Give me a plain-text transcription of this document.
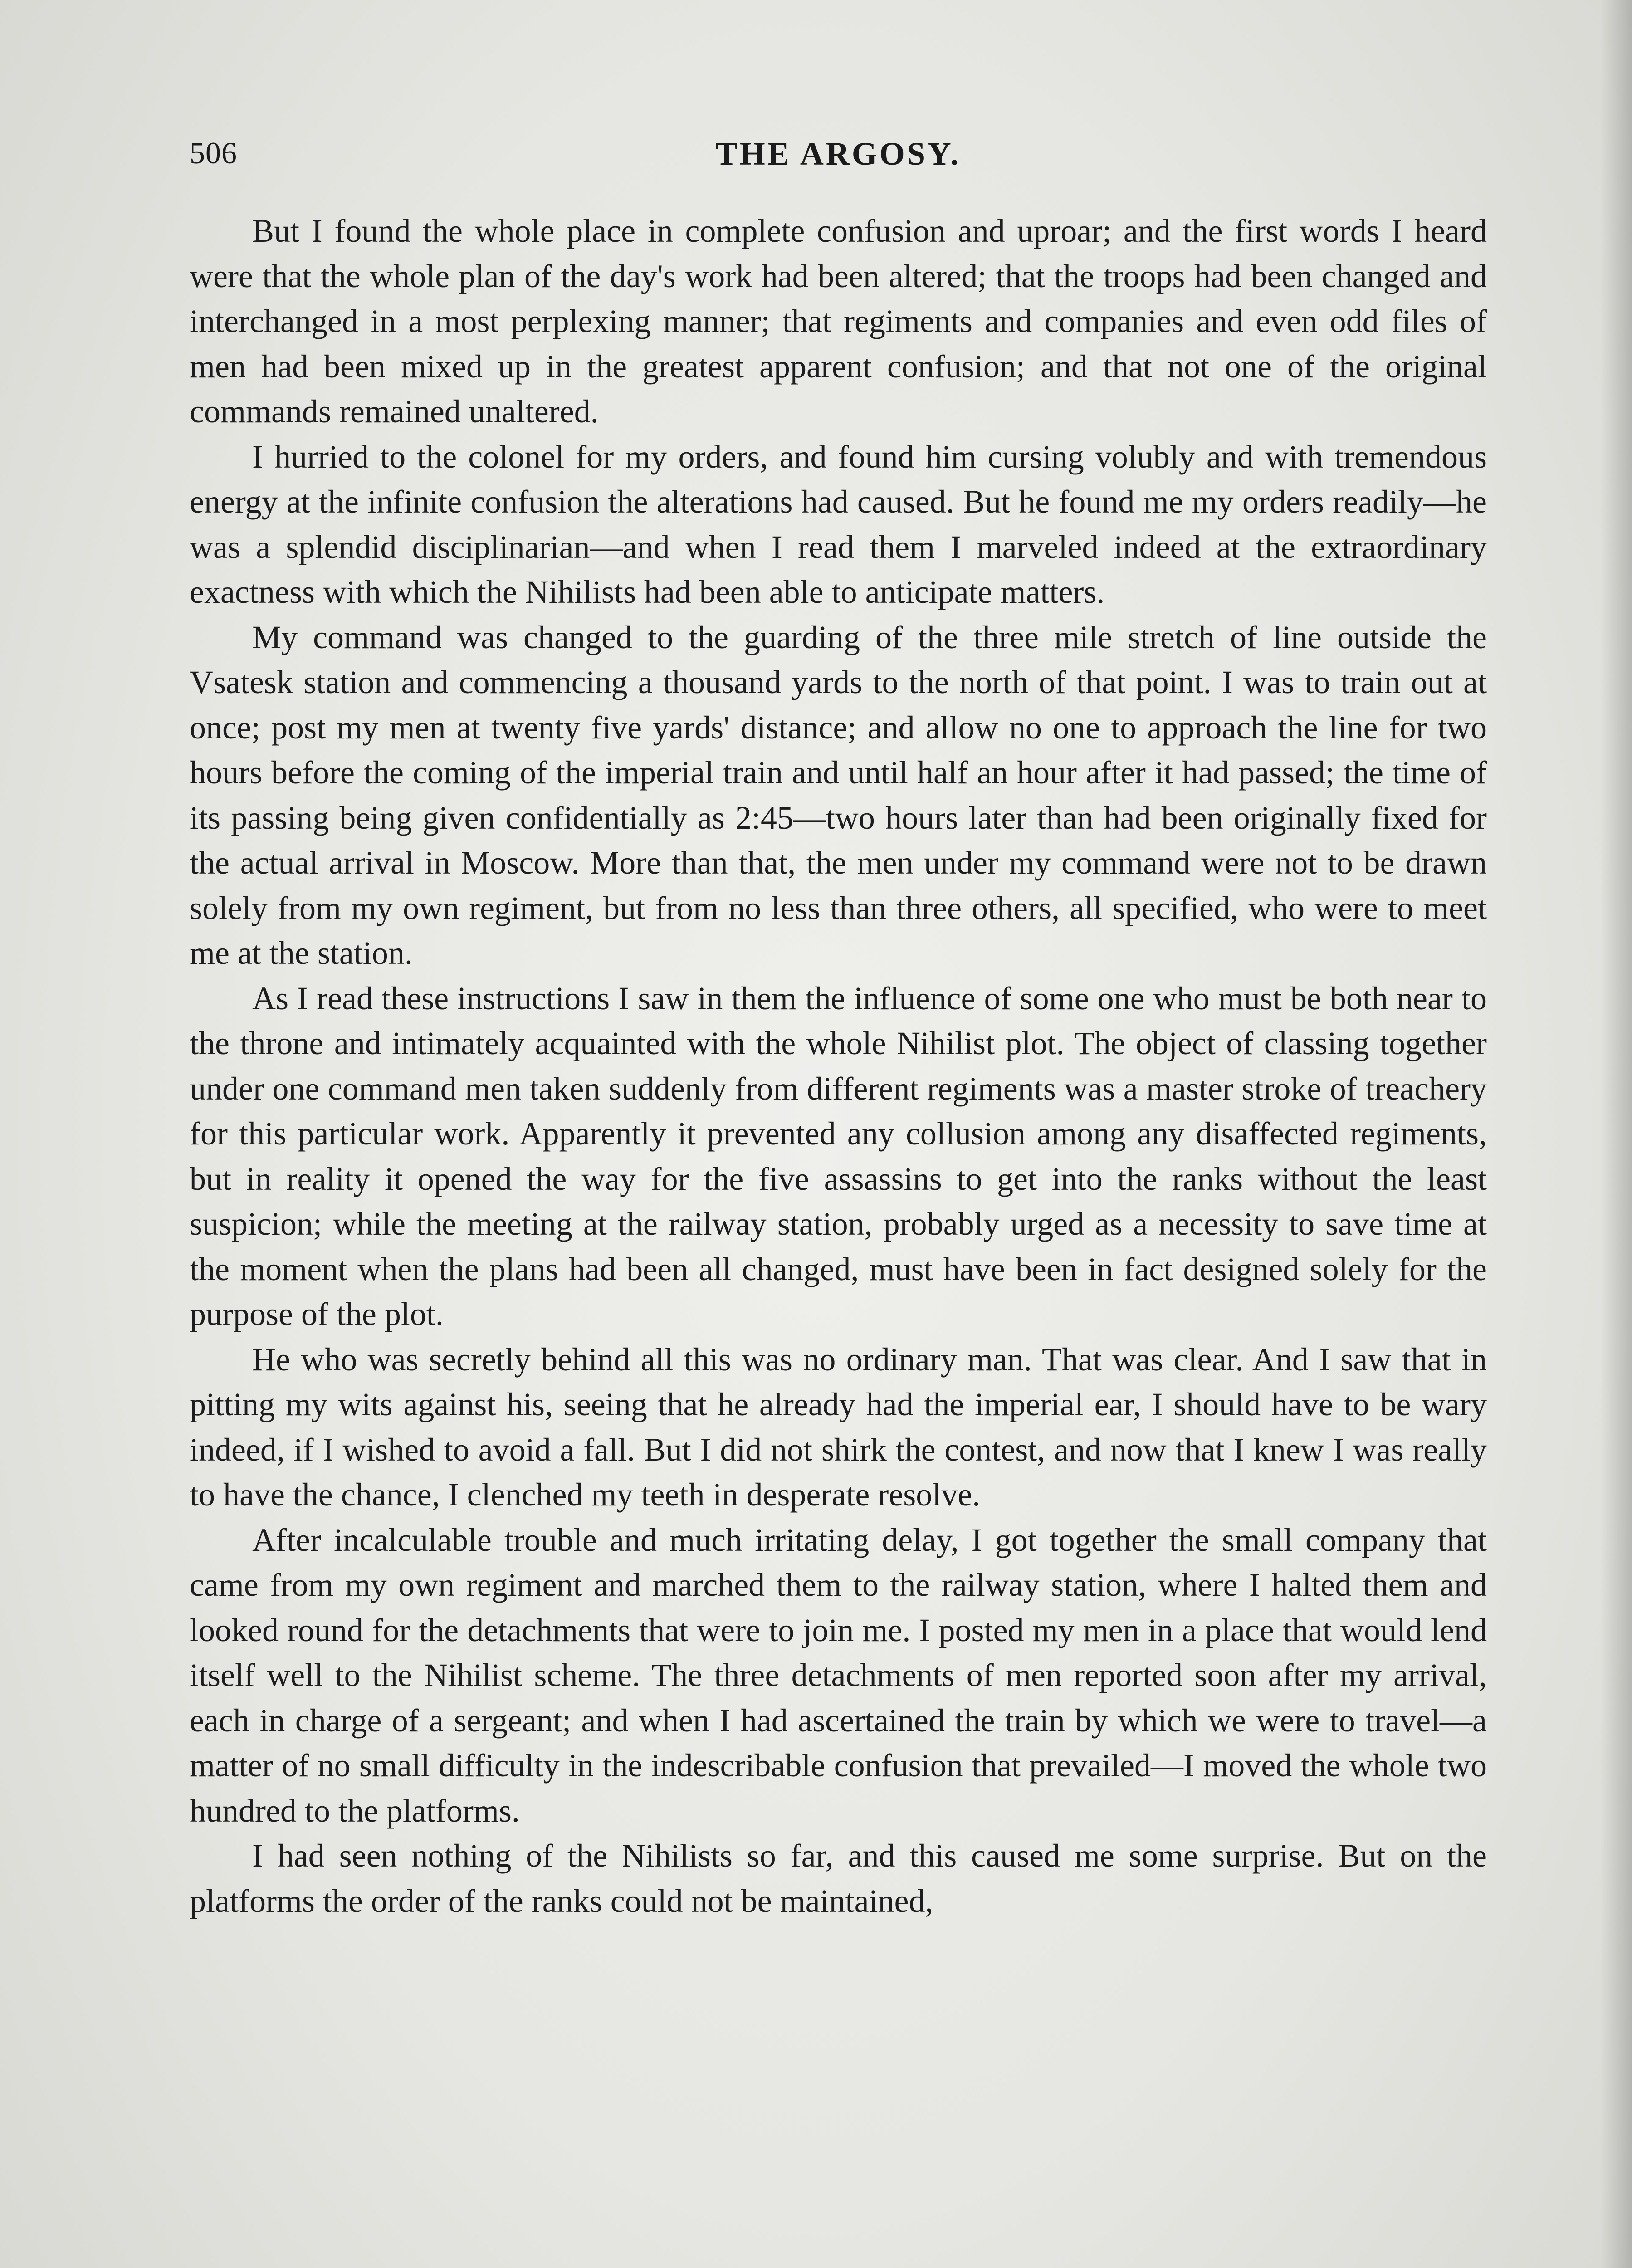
506	THE ARGOSY.

But I found the whole place in complete confusion and uproar; and the first words I heard were that the whole plan of the day's work had been altered; that the troops had been changed and interchanged in a most perplexing manner; that regiments and companies and even odd files of men had been mixed up in the greatest apparent confusion; and that not one of the original commands remained unaltered.

I hurried to the colonel for my orders, and found him cursing volubly and with tremendous energy at the infinite confusion the alterations had caused. But he found me my orders readily—he was a splendid disciplinarian—and when I read them I marveled indeed at the extraordinary exactness with which the Nihilists had been able to anticipate matters.

My command was changed to the guarding of the three mile stretch of line outside the Vsatesk station and commencing a thousand yards to the north of that point. I was to train out at once; post my men at twenty five yards' distance; and allow no one to approach the line for two hours before the coming of the imperial train and until half an hour after it had passed; the time of its passing being given confidentially as 2:45—two hours later than had been originally fixed for the actual arrival in Moscow. More than that, the men under my command were not to be drawn solely from my own regiment, but from no less than three others, all specified, who were to meet me at the station.

As I read these instructions I saw in them the influence of some one who must be both near to the throne and intimately acquainted with the whole Nihilist plot. The object of classing together under one command men taken suddenly from different regiments was a master stroke of treachery for this particular work. Apparently it prevented any collusion among any disaffected regiments, but in reality it opened the way for the five assassins to get into the ranks without the least suspicion; while the meeting at the railway station, probably urged as a necessity to save time at the moment when the plans had been all changed, must have been in fact designed solely for the purpose of the plot.

He who was secretly behind all this was no ordinary man. That was clear. And I saw that in pitting my wits against his, seeing that he already had the imperial ear, I should have to be wary indeed, if I wished to avoid a fall. But I did not shirk the contest, and now that I knew I was really to have the chance, I clenched my teeth in desperate resolve.

After incalculable trouble and much irritating delay, I got together the small company that came from my own regiment and marched them to the railway station, where I halted them and looked round for the detachments that were to join me. I posted my men in a place that would lend itself well to the Nihilist scheme. The three detachments of men reported soon after my arrival, each in charge of a sergeant; and when I had ascertained the train by which we were to travel—a matter of no small difficulty in the indescribable confusion that prevailed—I moved the whole two hundred to the platforms.

I had seen nothing of the Nihilists so far, and this caused me some surprise. But on the platforms the order of the ranks could not be maintained,
